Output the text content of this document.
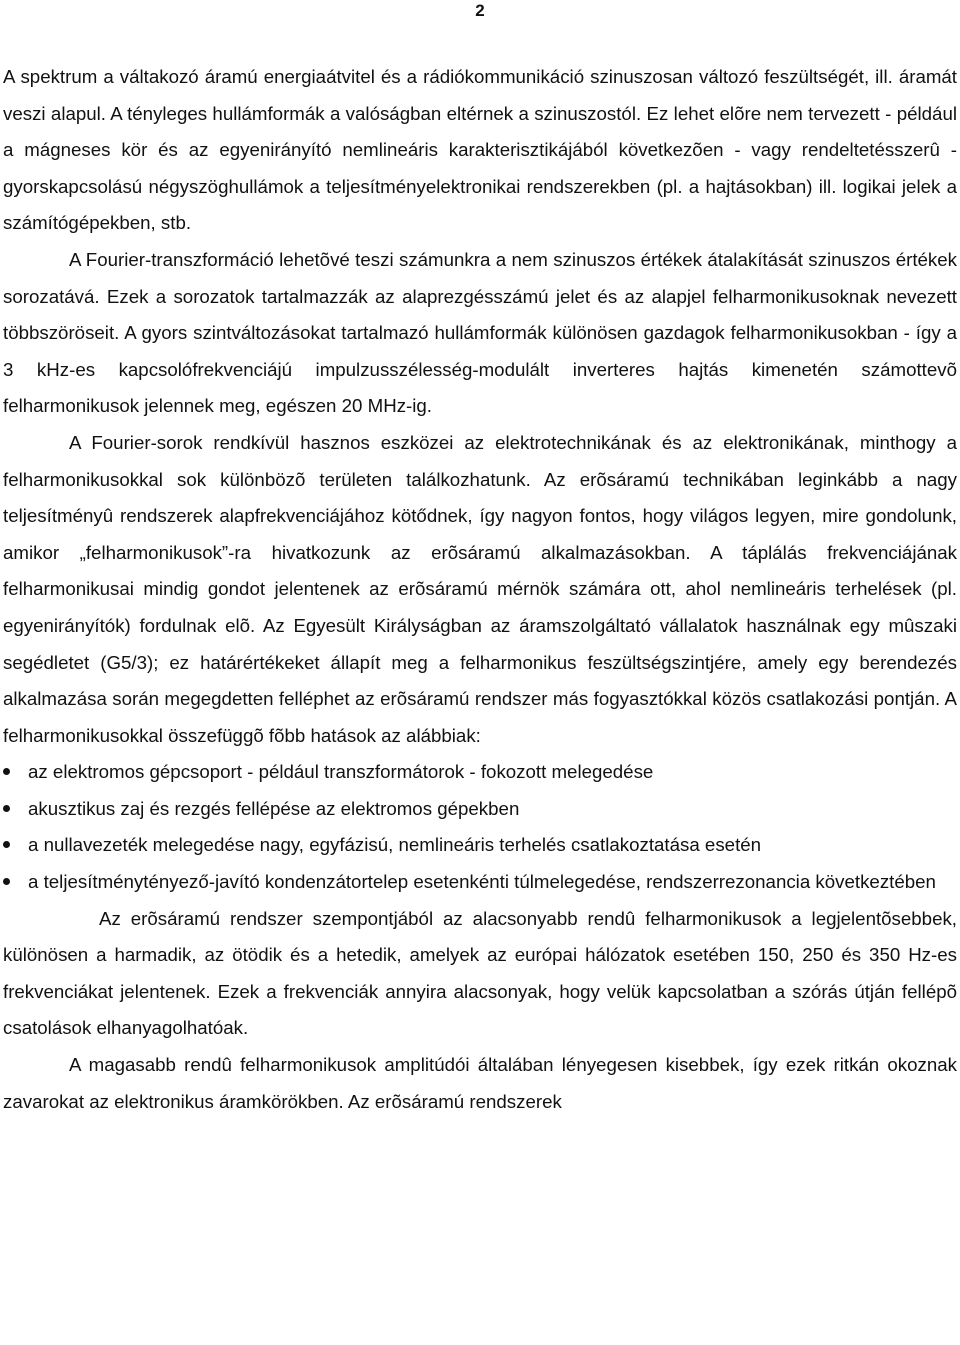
2

A spektrum a váltakozó áramú energiaátvitel és a rádiókommunikáció szinuszosan változó feszültségét, ill. áramát veszi alapul. A tényleges hullámformák a valóságban eltérnek a szinuszostól. Ez lehet elõre nem tervezett - például a mágneses kör és az egyenirányító nemlineáris karakterisztikájából következõen - vagy rendeltetésszerû - gyorskapcsolású négyszöghullámok a teljesítményelektronikai rendszerekben (pl. a hajtásokban) ill. logikai jelek a számítógépekben, stb.

A Fourier-transzformáció lehetõvé teszi számunkra a nem szinuszos értékek átalakítását szinuszos értékek sorozatává. Ezek a sorozatok tartalmazzák az alaprezgésszámú jelet és az alapjel felharmonikusoknak nevezett többszöröseit. A gyors szintváltozásokat tartalmazó hullámformák különösen gazdagok felharmonikusokban - így a 3 kHz-es kapcsolófrekvenciájú impulzusszélesség-modulált inverteres hajtás kimenetén számottevõ felharmonikusok jelennek meg, egészen 20 MHz-ig.

A Fourier-sorok rendkívül hasznos eszközei az elektrotechnikának és az elektronikának, minthogy a felharmonikusokkal sok különbözõ területen találkozhatunk. Az erõsáramú technikában leginkább a nagy teljesítményû rendszerek alapfrekvenciájához kötődnek, így nagyon fontos, hogy világos legyen, mire gondolunk, amikor „felharmonikusok”-ra hivatkozunk az erõsáramú alkalmazásokban. A táplálás frekvenciájának felharmonikusai mindig gondot jelentenek az erõsáramú mérnök számára ott, ahol nemlineáris terhelések (pl. egyenirányítók) fordulnak elõ. Az Egyesült Királyságban az áramszolgáltató vállalatok használnak egy mûszaki segédletet (G5/3); ez határértékeket állapít meg a felharmonikus feszültségszintjére, amely egy berendezés alkalmazása során megegdetten felléphet az erõsáramú rendszer más fogyasztókkal közös csatlakozási pontján. A felharmonikusokkal összefüggõ fõbb hatások az alábbiak:

az elektromos gépcsoport - például transzformátorok - fokozott melegedése

akusztikus zaj és rezgés fellépése az elektromos gépekben

a nullavezeték melegedése nagy, egyfázisú, nemlineáris terhelés csatlakoztatása esetén

a teljesítménytényező-javító kondenzátortelep esetenkénti túlmelegedése, rendszerrezonancia következtében

Az erõsáramú rendszer szempontjából az alacsonyabb rendû felharmonikusok a legjelentõsebbek, különösen a harmadik, az ötödik és a hetedik, amelyek az európai hálózatok esetében 150, 250 és 350 Hz-es frekvenciákat jelentenek. Ezek a frekvenciák annyira alacsonyak, hogy velük kapcsolatban a szórás útján fellépõ csatolások elhanyagolhatóak.

A magasabb rendû felharmonikusok amplitúdói általában lényegesen kisebbek, így ezek ritkán okoznak zavarokat az elektronikus áramkörökben. Az erõsáramú rendszerek
